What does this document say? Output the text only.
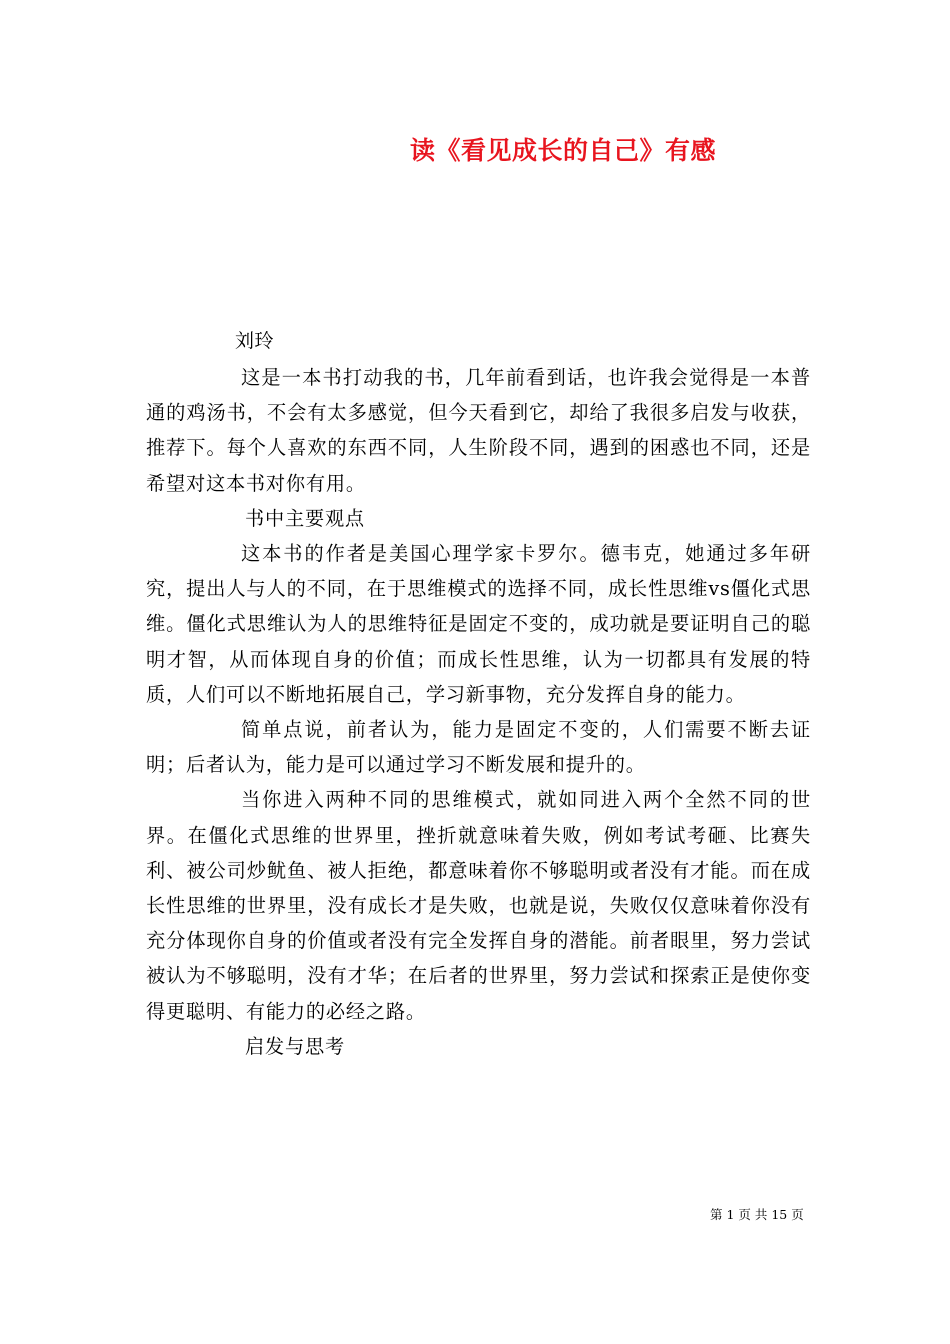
读《看见成长的自己》有感
刘玲

这是一本书打动我的书，几年前看到话，也许我会觉得是一本普通的鸡汤书，不会有太多感觉，但今天看到它，却给了我很多启发与收获，推荐下。每个人喜欢的东西不同，人生阶段不同，遇到的困惑也不同，还是希望对这本书对你有用。

书中主要观点

这本书的作者是美国心理学家卡罗尔。德韦克，她通过多年研究，提出人与人的不同，在于思维模式的选择不同，成长性思维vs僵化式思维。僵化式思维认为人的思维特征是固定不变的，成功就是要证明自己的聪明才智，从而体现自身的价值；而成长性思维，认为一切都具有发展的特质，人们可以不断地拓展自己，学习新事物，充分发挥自身的能力。

简单点说，前者认为，能力是固定不变的，人们需要不断去证明；后者认为，能力是可以通过学习不断发展和提升的。

当你进入两种不同的思维模式，就如同进入两个全然不同的世界。在僵化式思维的世界里，挫折就意味着失败，例如考试考砸、比赛失利、被公司炒鱿鱼、被人拒绝，都意味着你不够聪明或者没有才能。而在成长性思维的世界里，没有成长才是失败，也就是说，失败仅仅意味着你没有充分体现你自身的价值或者没有完全发挥自身的潜能。前者眼里，努力尝试被认为不够聪明，没有才华；在后者的世界里，努力尝试和探索正是使你变得更聪明、有能力的必经之路。

启发与思考

第 1 页 共 15 页
